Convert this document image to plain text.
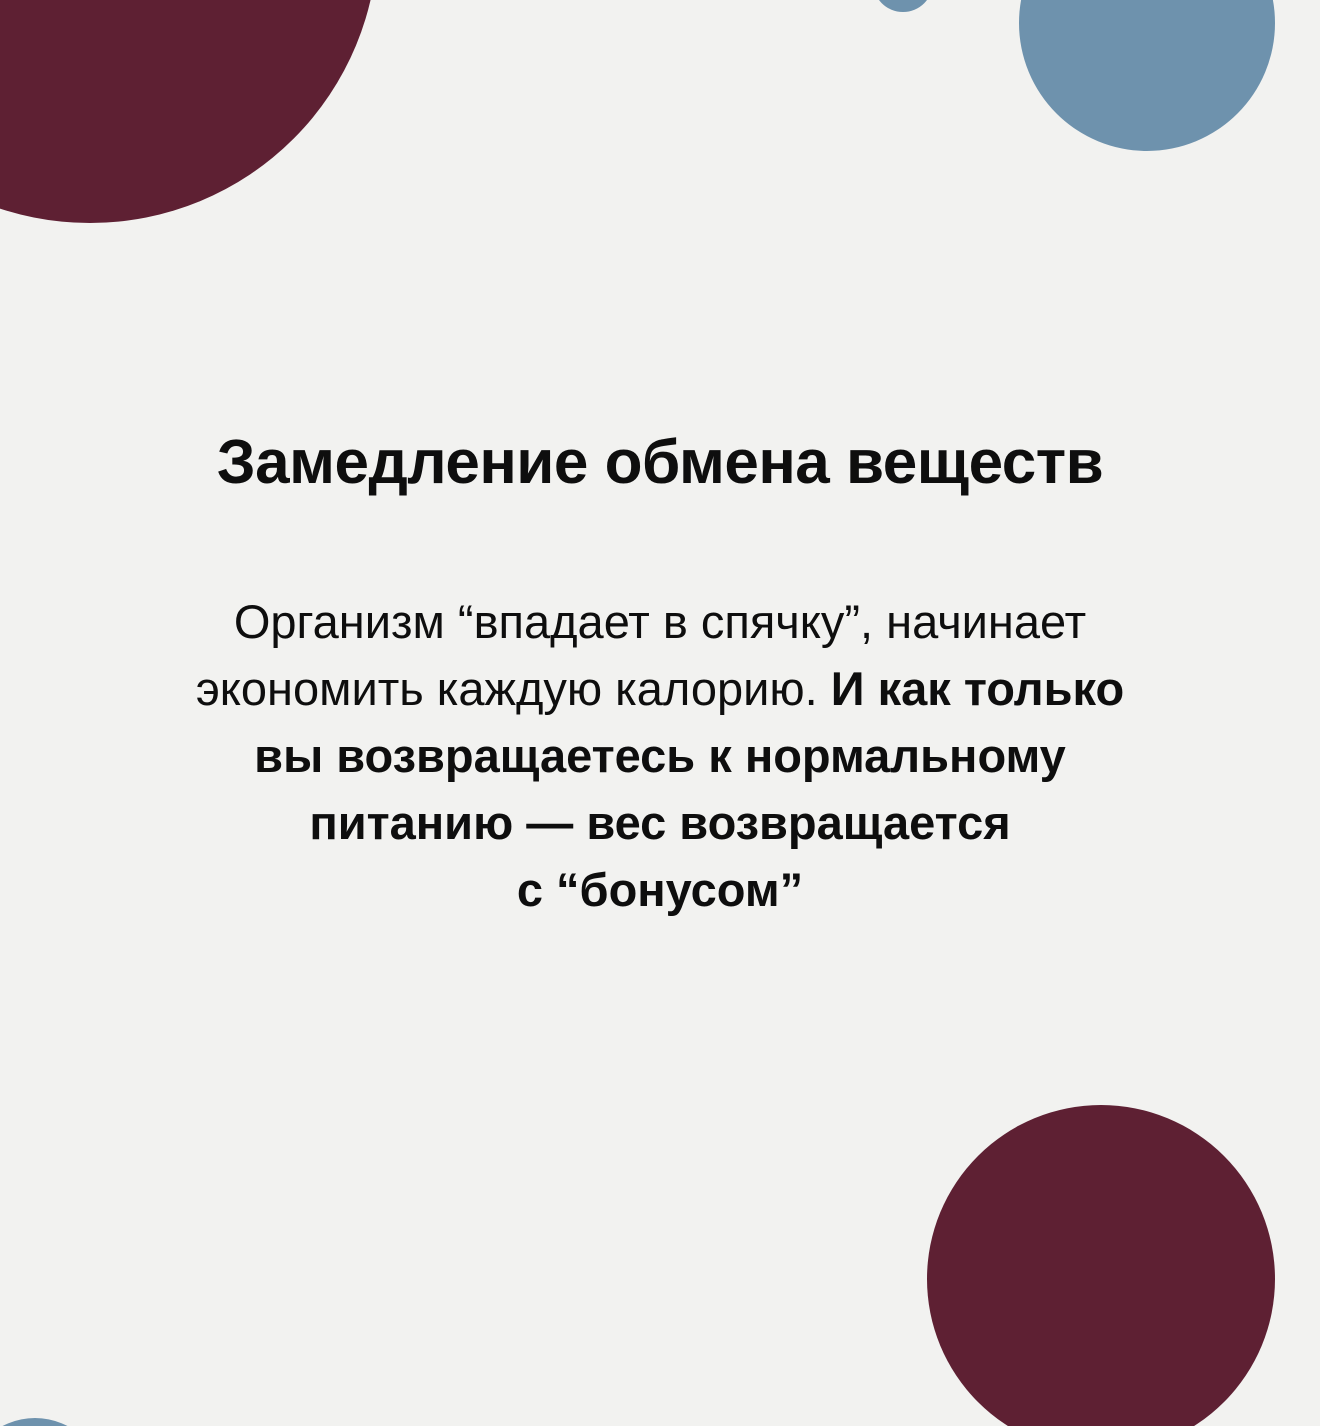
Замедление обмена веществ
Организм “впадает в спячку”, начинает
экономить каждую калорию. И как только
вы возвращаетесь к нормальному
питанию — вес возвращается
с “бонусом”
